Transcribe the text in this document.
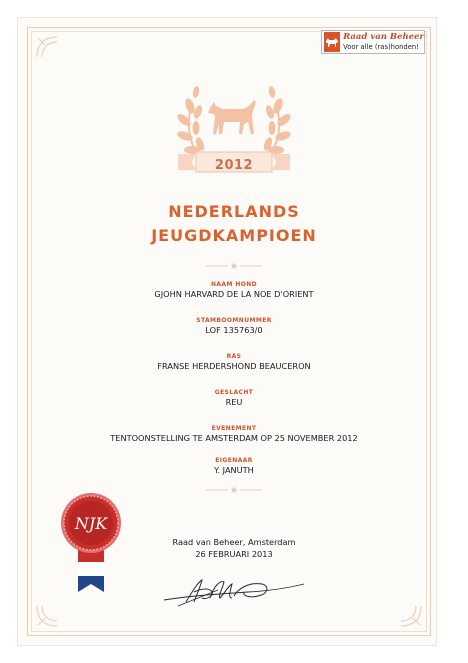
Raad van Beheer
Voor alle (ras)honden!
2012
NEDERLANDS
JEUGDKAMPIOEN
NAAM HOND
GJOHN HARVARD DE LA NOE D'ORIENT
STAMBOOMNUMMER
LOF 135763/0
RAS
FRANSE HERDERSHOND BEAUCERON
GESLACHT
REU
EVENEMENT
TENTOONSTELLING TE AMSTERDAM OP 25 NOVEMBER 2012
EIGENAAR
Y. JANUTH
NJK
Raad van Beheer, Amsterdam
26 FEBRUARI 2013
